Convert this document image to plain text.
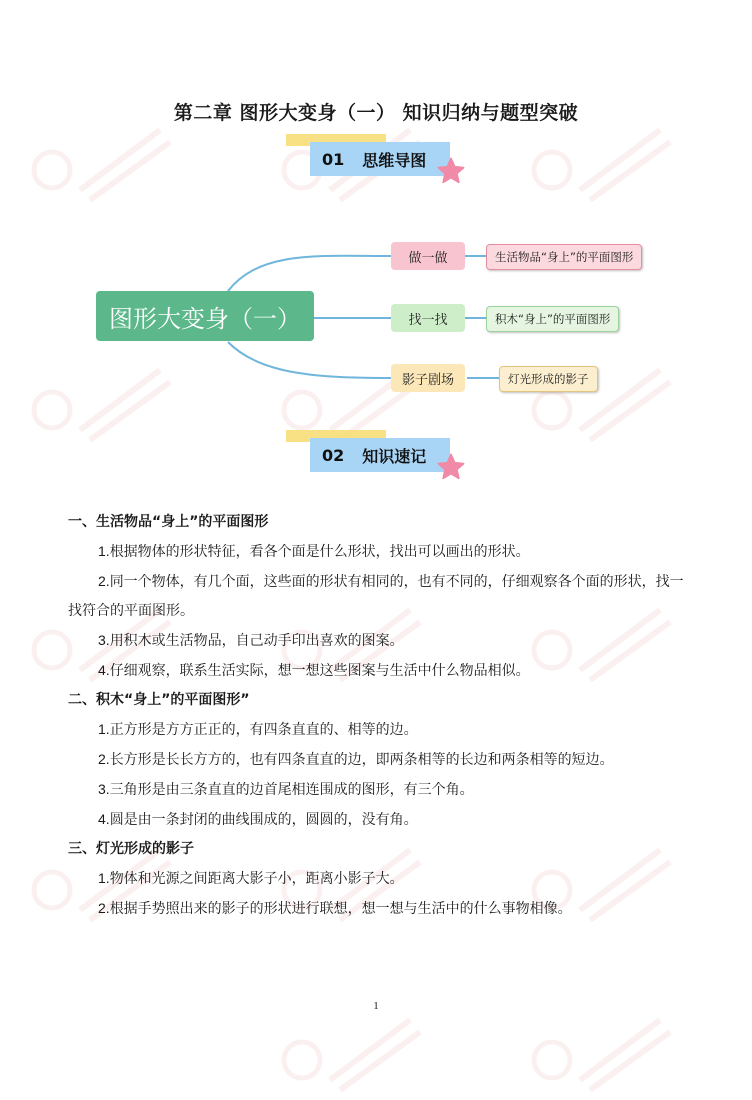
第二章 图形大变身（一） 知识归纳与题型突破
01 思维导图
图形大变身（一）
做一做
找一找
影子剧场
生活物品“身上”的平面图形
积木“身上”的平面图形
灯光形成的影子
02 知识速记
一、生活物品“身上”的平面图形
1.根据物体的形状特征，看各个面是什么形状，找出可以画出的形状。
2.同一个物体，有几个面，这些面的形状有相同的，也有不同的，仔细观察各个面的形状，找一找符合的平面图形。
3.用积木或生活物品，自己动手印出喜欢的图案。
4.仔细观察，联系生活实际，想一想这些图案与生活中什么物品相似。
二、积木“身上”的平面图形”
1.正方形是方方正正的，有四条直直的、相等的边。
2.长方形是长长方方的，也有四条直直的边，即两条相等的长边和两条相等的短边。
3.三角形是由三条直直的边首尾相连围成的图形，有三个角。
4.圆是由一条封闭的曲线围成的，圆圆的，没有角。
三、灯光形成的影子
1.物体和光源之间距离大影子小，距离小影子大。
2.根据手势照出来的影子的形状进行联想，想一想与生活中的什么事物相像。
1
